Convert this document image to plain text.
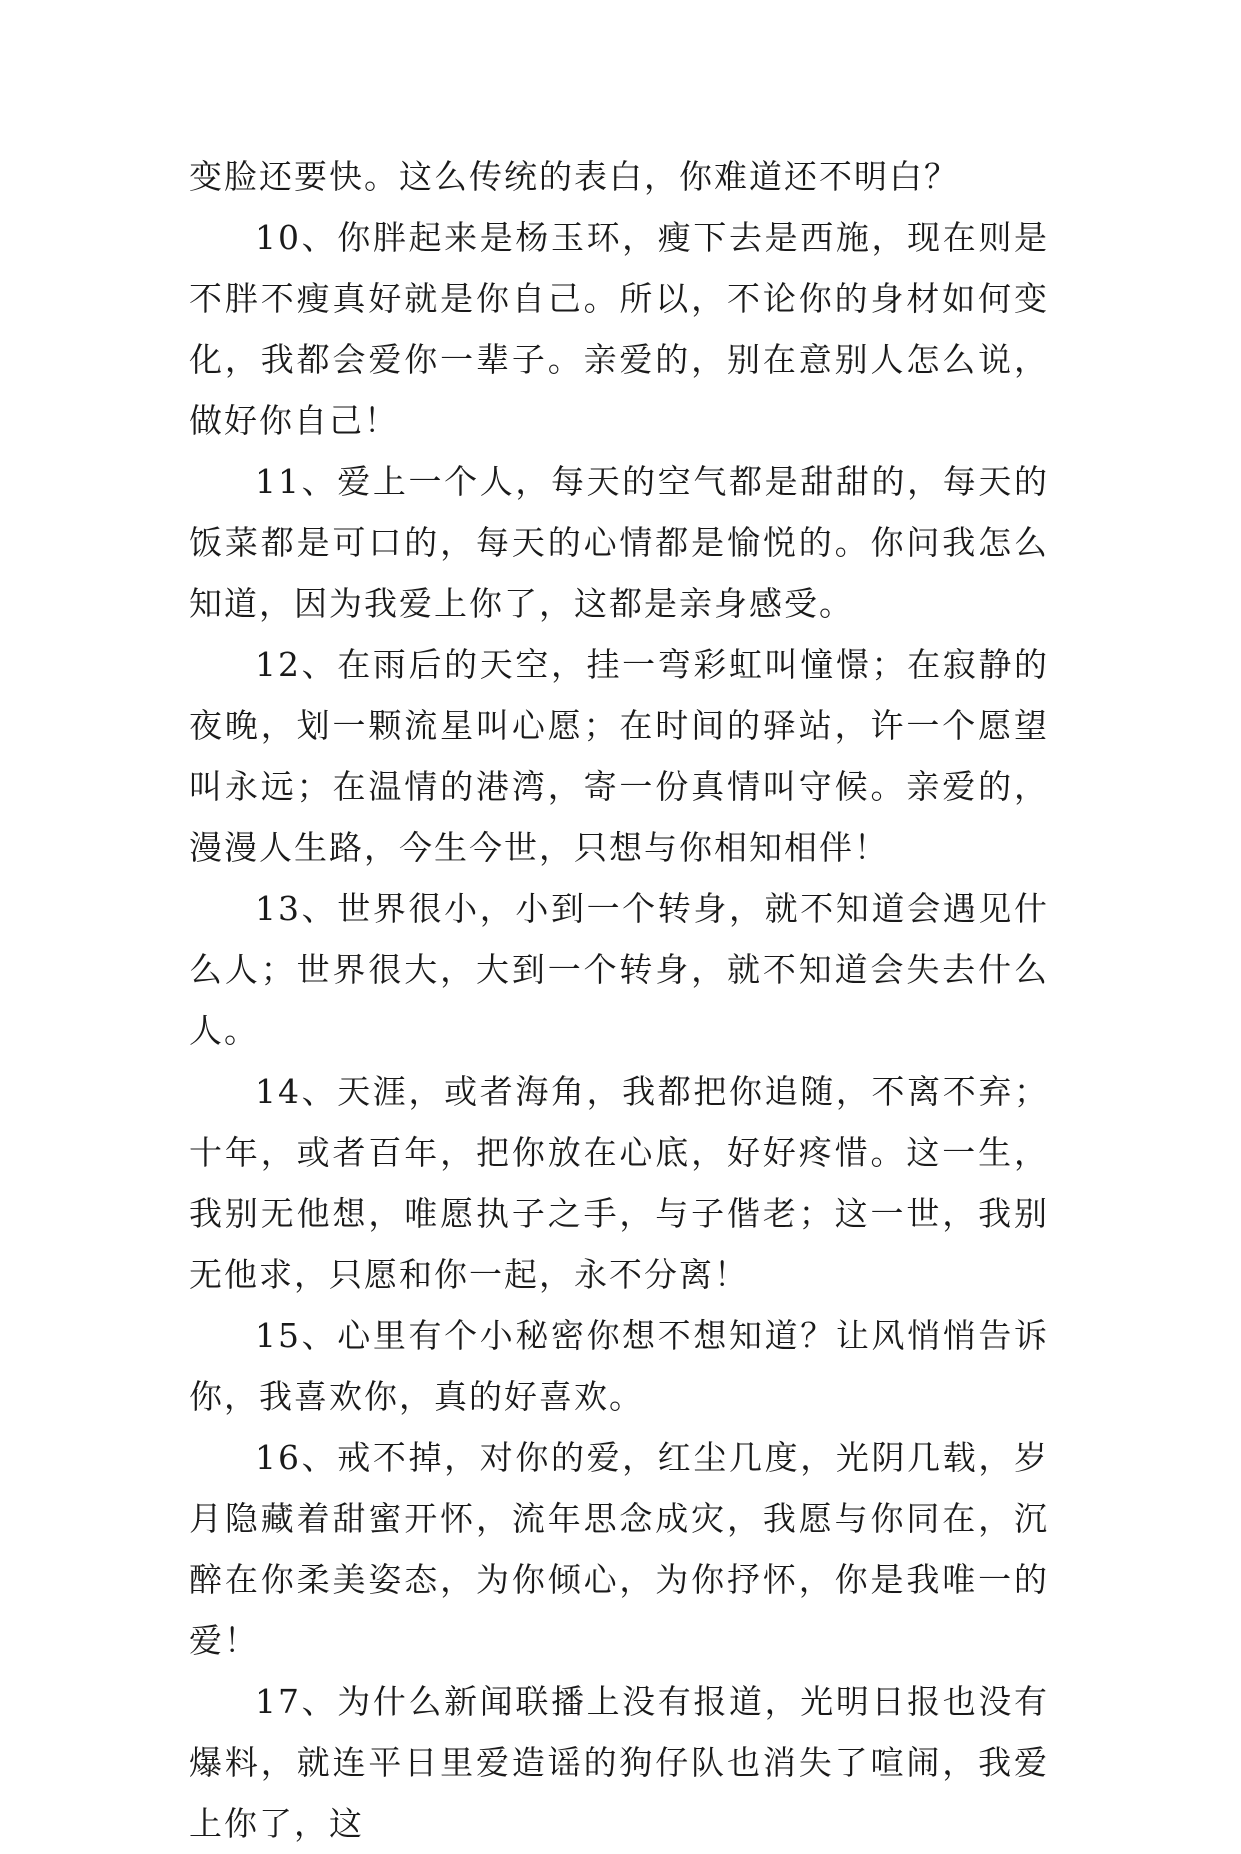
变脸还要快。这么传统的表白，你难道还不明白？

10、你胖起来是杨玉环，瘦下去是西施，现在则是不胖不瘦真好就是你自己。所以，不论你的身材如何变化，我都会爱你一辈子。亲爱的，别在意别人怎么说，做好你自己！

11、爱上一个人，每天的空气都是甜甜的，每天的饭菜都是可口的，每天的心情都是愉悦的。你问我怎么知道，因为我爱上你了，这都是亲身感受。

12、在雨后的天空，挂一弯彩虹叫憧憬；在寂静的夜晚，划一颗流星叫心愿；在时间的驿站，许一个愿望叫永远；在温情的港湾，寄一份真情叫守候。亲爱的，漫漫人生路，今生今世，只想与你相知相伴！

13、世界很小，小到一个转身，就不知道会遇见什么人；世界很大，大到一个转身，就不知道会失去什么人。

14、天涯，或者海角，我都把你追随，不离不弃；十年，或者百年，把你放在心底，好好疼惜。这一生，我别无他想，唯愿执子之手，与子偕老；这一世，我别无他求，只愿和你一起，永不分离！

15、心里有个小秘密你想不想知道？让风悄悄告诉你，我喜欢你，真的好喜欢。

16、戒不掉，对你的爱，红尘几度，光阴几载，岁月隐藏着甜蜜开怀，流年思念成灾，我愿与你同在，沉醉在你柔美姿态，为你倾心，为你抒怀，你是我唯一的爱！

17、为什么新闻联播上没有报道，光明日报也没有爆料，就连平日里爱造谣的狗仔队也消失了喧闹，我爱上你了，这
